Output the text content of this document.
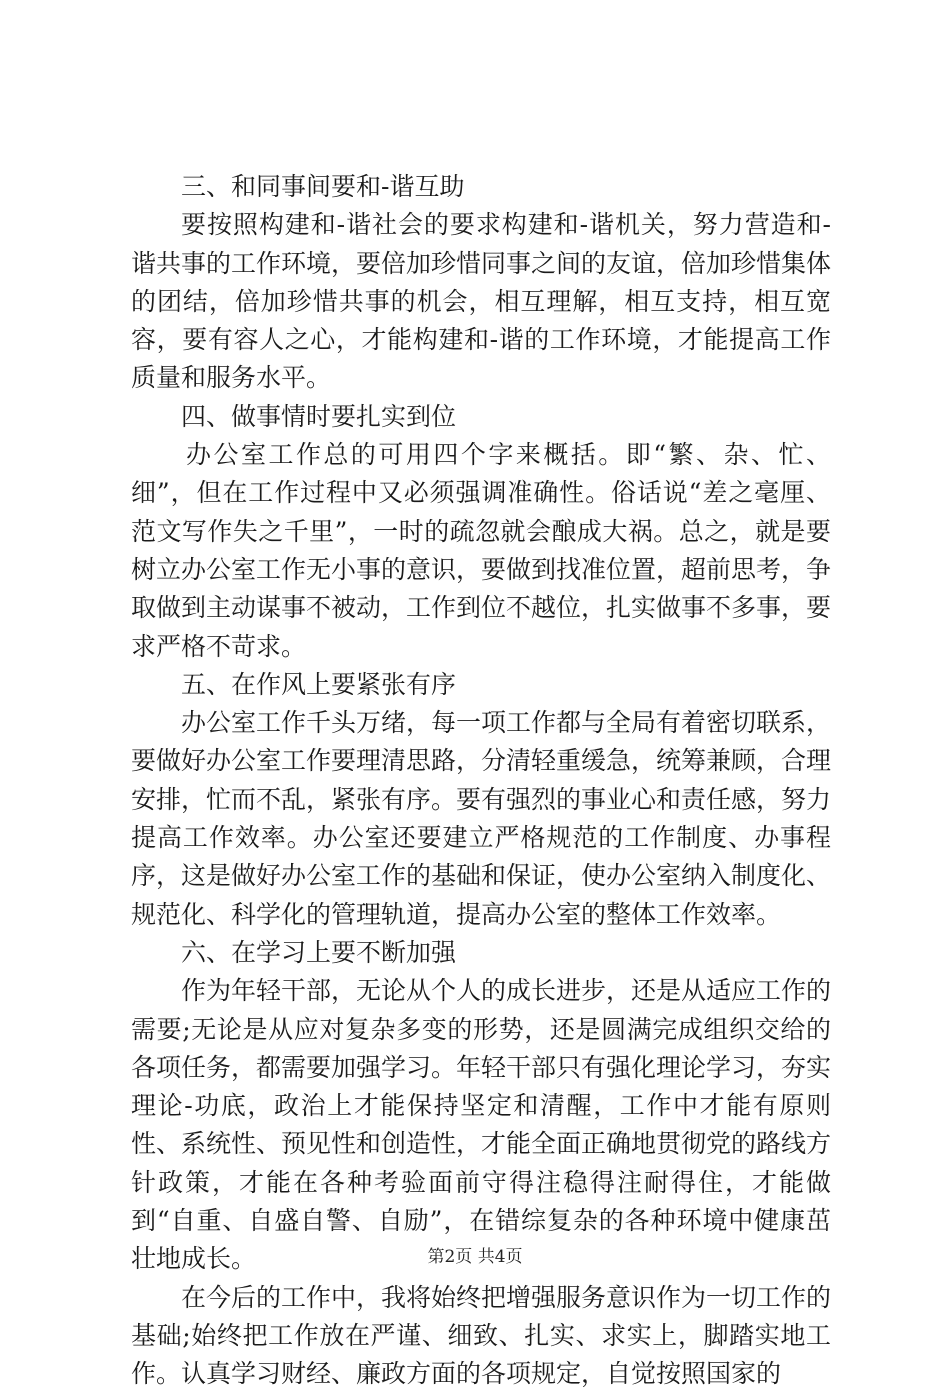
三、和同事间要和-谐互助

要按照构建和-谐社会的要求构建和-谐机关，努力营造和-谐共事的工作环境，要倍加珍惜同事之间的友谊，倍加珍惜集体的团结，倍加珍惜共事的机会，相互理解，相互支持，相互宽容，要有容人之心，才能构建和-谐的工作环境，才能提高工作质量和服务水平。

四、做事情时要扎实到位

办公室工作总的可用四个字来概括。即“繁、杂、忙、细”，但在工作过程中又必须强调准确性。俗话说“差之毫厘、范文写作失之千里”，一时的疏忽就会酿成大祸。总之，就是要树立办公室工作无小事的意识，要做到找准位置，超前思考，争取做到主动谋事不被动，工作到位不越位，扎实做事不多事，要求严格不苛求。

五、在作风上要紧张有序

办公室工作千头万绪，每一项工作都与全局有着密切联系，要做好办公室工作要理清思路，分清轻重缓急，统筹兼顾，合理安排，忙而不乱，紧张有序。要有强烈的事业心和责任感，努力提高工作效率。办公室还要建立严格规范的工作制度、办事程序，这是做好办公室工作的基础和保证，使办公室纳入制度化、规范化、科学化的管理轨道，提高办公室的整体工作效率。

六、在学习上要不断加强

作为年轻干部，无论从个人的成长进步，还是从适应工作的需要;无论是从应对复杂多变的形势，还是圆满完成组织交给的各项任务，都需要加强学习。年轻干部只有强化理论学习，夯实理论-功底，政治上才能保持坚定和清醒，工作中才能有原则性、系统性、预见性和创造性，才能全面正确地贯彻党的路线方针政策，才能在各种考验面前守得注稳得注耐得住，才能做到“自重、自盛自警、自励”，在错综复杂的各种环境中健康茁壮地成长。

在今后的工作中，我将始终把增强服务意识作为一切工作的基础;始终把工作放在严谨、细致、扎实、求实上，脚踏实地工作。认真学习财经、廉政方面的各项规定，自觉按照国家的

第2页 共4页
